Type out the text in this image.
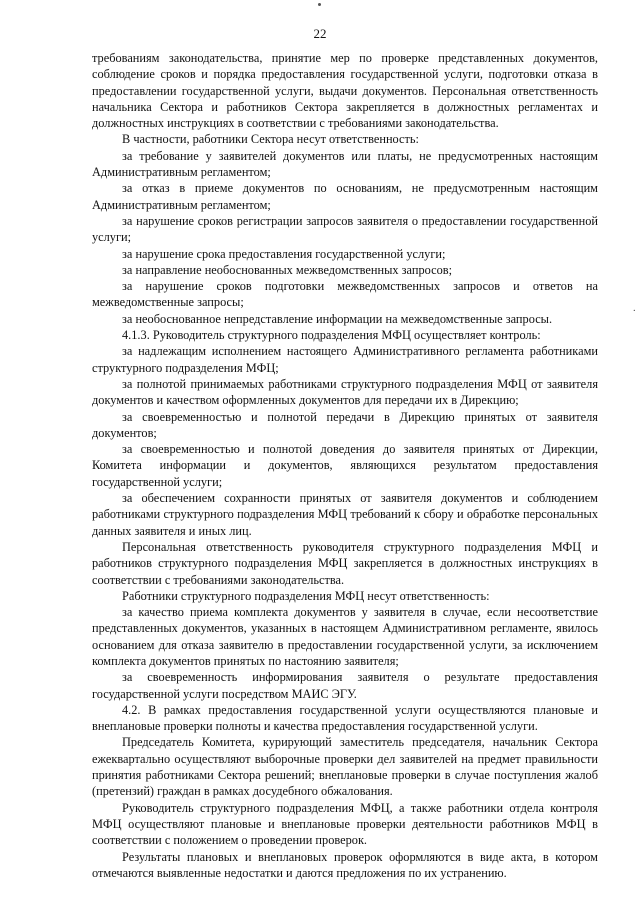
22

требованиям законодательства, принятие мер по проверке представленных документов, соблюдение сроков и порядка предоставления государственной услуги, подготовки отказа в предоставлении государственной услуги, выдачи документов. Персональная ответственность начальника Сектора и работников Сектора закрепляется в должностных регламентах и должностных инструкциях в соответствии с требованиями законодательства.

В частности, работники Сектора несут ответственность:

за требование у заявителей документов или платы, не предусмотренных настоящим Административным регламентом;

за отказ в приеме документов по основаниям, не предусмотренным настоящим Административным регламентом;

за нарушение сроков регистрации запросов заявителя о предоставлении государственной услуги;

за нарушение срока предоставления государственной услуги;

за направление необоснованных межведомственных запросов;

за нарушение сроков подготовки межведомственных запросов и ответов на межведомственные запросы;

за необоснованное непредставление информации на межведомственные запросы.

4.1.3. Руководитель структурного подразделения МФЦ осуществляет контроль:

за надлежащим исполнением настоящего Административного регламента работниками структурного подразделения МФЦ;

за полнотой принимаемых работниками структурного подразделения МФЦ от заявителя документов и качеством оформленных документов для передачи их в Дирекцию;

за своевременностью и полнотой передачи в Дирекцию принятых от заявителя документов;

за своевременностью и полнотой доведения до заявителя принятых от Дирекции, Комитета информации и документов, являющихся результатом предоставления государственной услуги;

за обеспечением сохранности принятых от заявителя документов и соблюдением работниками структурного подразделения МФЦ требований к сбору и обработке персональных данных заявителя и иных лиц.

Персональная ответственность руководителя структурного подразделения МФЦ и работников структурного подразделения МФЦ закрепляется в должностных инструкциях в соответствии с требованиями законодательства.

Работники структурного подразделения МФЦ несут ответственность:

за качество приема комплекта документов у заявителя в случае, если несоответствие представленных документов, указанных в настоящем Административном регламенте, явилось основанием для отказа заявителю в предоставлении государственной услуги, за исключением комплекта документов принятых по настоянию заявителя;

за своевременность информирования заявителя о результате предоставления государственной услуги посредством МАИС ЭГУ.

4.2. В рамках предоставления государственной услуги осуществляются плановые и внеплановые проверки полноты и качества предоставления государственной услуги.

Председатель Комитета, курирующий заместитель председателя, начальник Сектора ежеквартально осуществляют выборочные проверки дел заявителей на предмет правильности принятия работниками Сектора решений; внеплановые проверки в случае поступления жалоб (претензий) граждан в рамках досудебного обжалования.

Руководитель структурного подразделения МФЦ, а также работники отдела контроля МФЦ осуществляют плановые и внеплановые проверки деятельности работников МФЦ в соответствии с положением о проведении проверок.

Результаты плановых и внеплановых проверок оформляются в виде акта, в котором отмечаются выявленные недостатки и даются предложения по их устранению.

·
